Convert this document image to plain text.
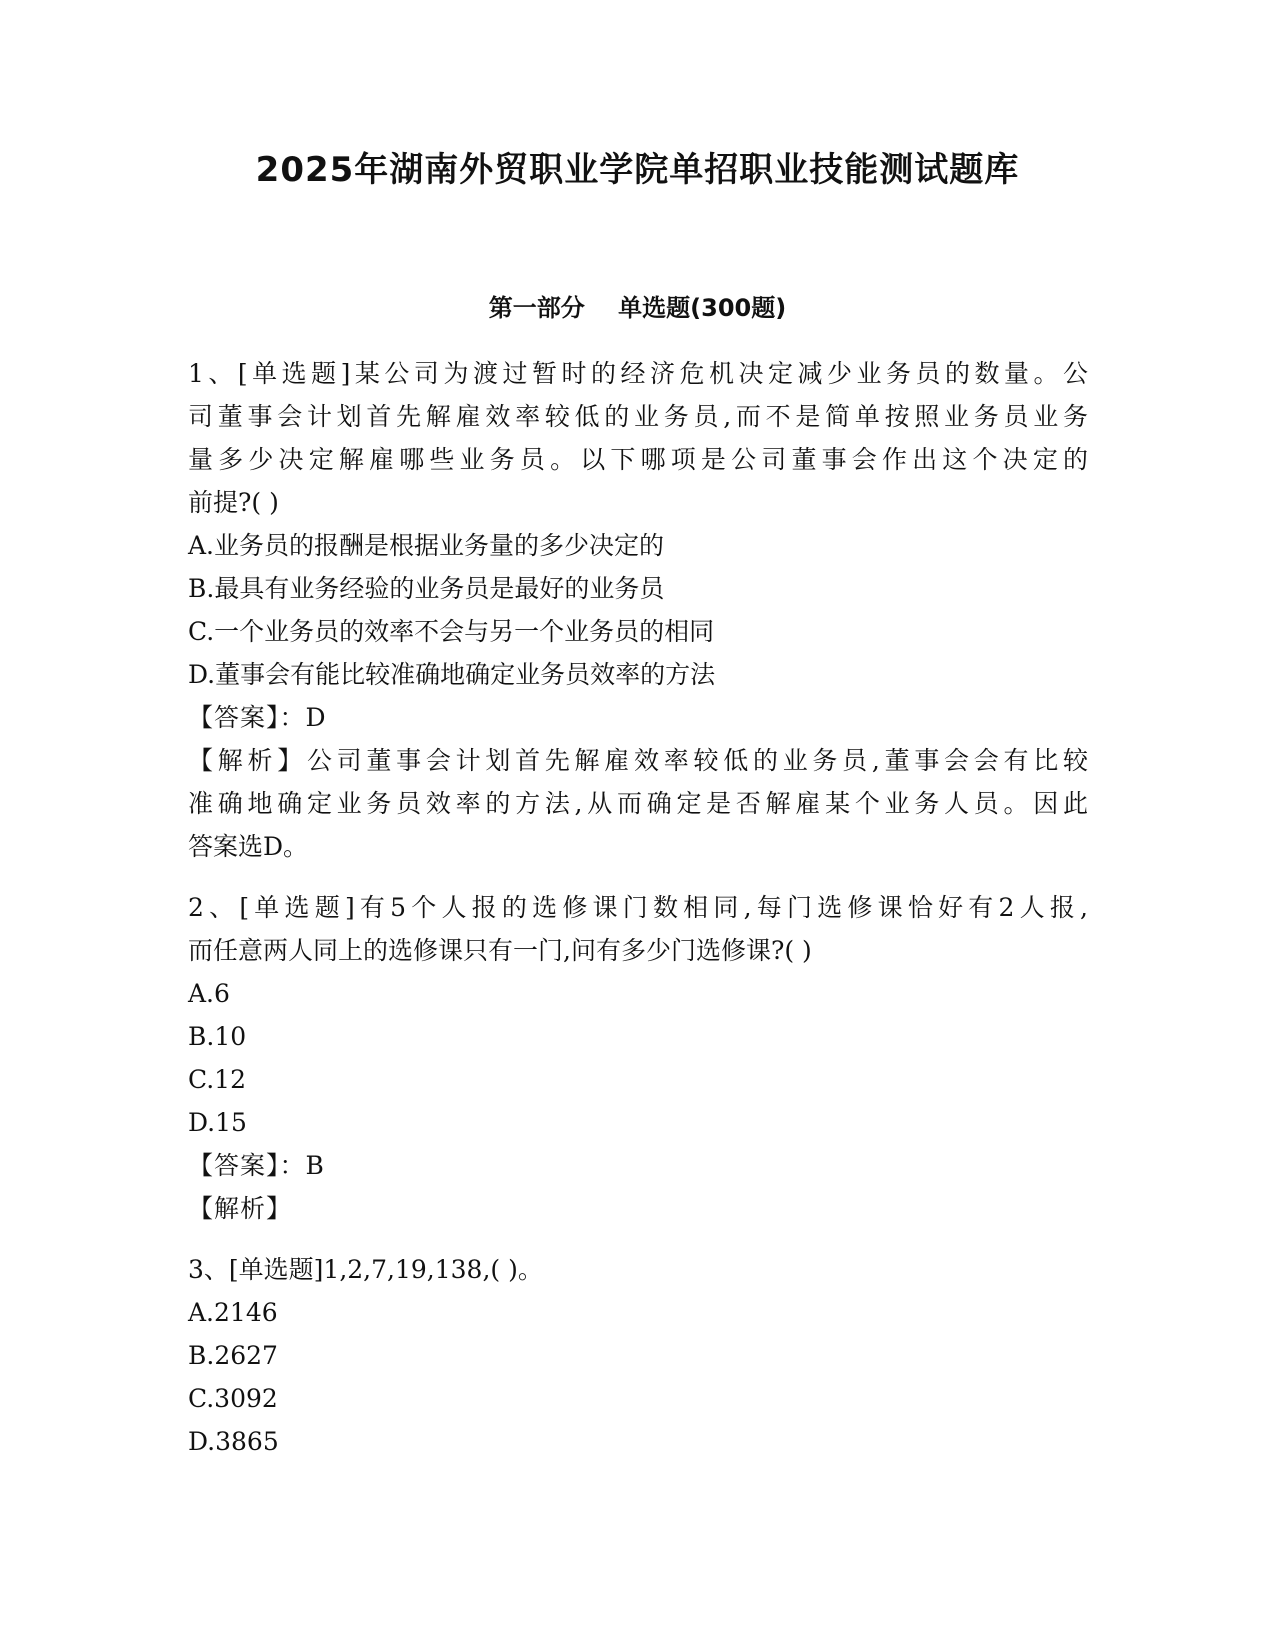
2025年湖南外贸职业学院单招职业技能测试题库
第一部分    单选题(300题)
1、[单选题]某公司为渡过暂时的经济危机决定减少业务员的数量。公
司董事会计划首先解雇效率较低的业务员,而不是简单按照业务员业务
量多少决定解雇哪些业务员。以下哪项是公司董事会作出这个决定的
前提?( )
A.业务员的报酬是根据业务量的多少决定的
B.最具有业务经验的业务员是最好的业务员
C.一个业务员的效率不会与另一个业务员的相同
D.董事会有能比较准确地确定业务员效率的方法
【答案】：D
【解析】公司董事会计划首先解雇效率较低的业务员,董事会会有比较
准确地确定业务员效率的方法,从而确定是否解雇某个业务人员。因此
答案选D。
2、[单选题]有5个人报的选修课门数相同,每门选修课恰好有2人报,
而任意两人同上的选修课只有一门,问有多少门选修课?( )
A.6
B.10
C.12
D.15
【答案】：B
【解析】
3、[单选题]1,2,7,19,138,( )。
A.2146
B.2627
C.3092
D.3865
